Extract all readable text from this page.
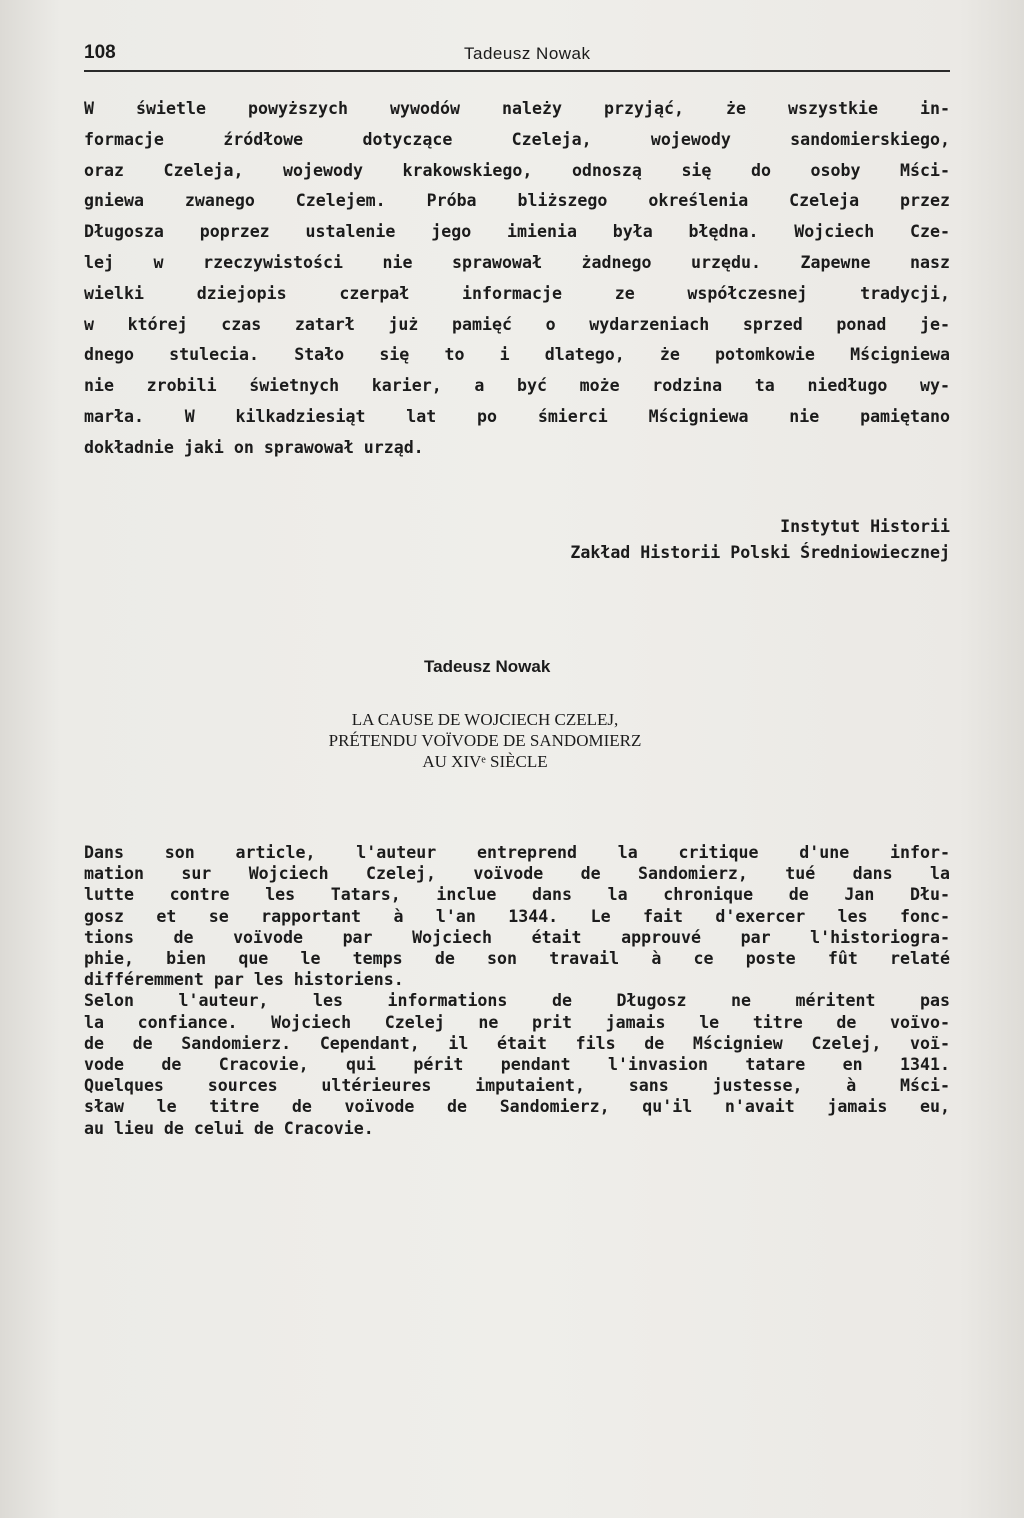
108	Tadeusz Nowak
W świetle powyższych wywodów należy przyjąć, że wszystkie in-
formacje źródłowe dotyczące Czeleja, wojewody sandomierskiego,
oraz Czeleja, wojewody krakowskiego, odnoszą się do osoby Mści-
gniewa zwanego Czelejem. Próba bliższego określenia Czeleja przez
Długosza poprzez ustalenie jego imienia była błędna. Wojciech Cze-
lej w rzeczywistości nie sprawował żadnego urzędu. Zapewne nasz
wielki dziejopis czerpał informacje ze współczesnej tradycji,
w której czas zatarł już pamięć o wydarzeniach sprzed ponad je-
dnego stulecia. Stało się to i dlatego, że potomkowie Mścigniewa
nie zrobili świetnych karier, a być może rodzina ta niedługo wy-
marła. W kilkadziesiąt lat po śmierci Mścigniewa nie pamiętano
dokładnie jaki on sprawował urząd.
Instytut Historii
Zakład Historii Polski Średniowiecznej
Tadeusz Nowak
LA CAUSE DE WOJCIECH CZELEJ,
PRÉTENDU VOÏVODE DE SANDOMIERZ
AU XIVᵉ SIÈCLE
Dans son article, l'auteur entreprend la critique d'une infor-
mation sur Wojciech Czelej, voïvode de Sandomierz, tué dans la
lutte contre les Tatars, inclue dans la chronique de Jan Dłu-
gosz et se rapportant à l'an 1344. Le fait d'exercer les fonc-
tions de voïvode par Wojciech était approuvé par l'historiogra-
phie, bien que le temps de son travail à ce poste fût relaté
différemment par les historiens.
Selon l'auteur, les informations de Długosz ne méritent pas
la confiance. Wojciech Czelej ne prit jamais le titre de voïvo-
de de Sandomierz. Cependant, il était fils de Mścigniew Czelej, voï-
vode de Cracovie, qui périt pendant l'invasion tatare en 1341.
Quelques sources ultérieures imputaient, sans justesse, à Mści-
sław le titre de voïvode de Sandomierz, qu'il n'avait jamais eu,
au lieu de celui de Cracovie.
